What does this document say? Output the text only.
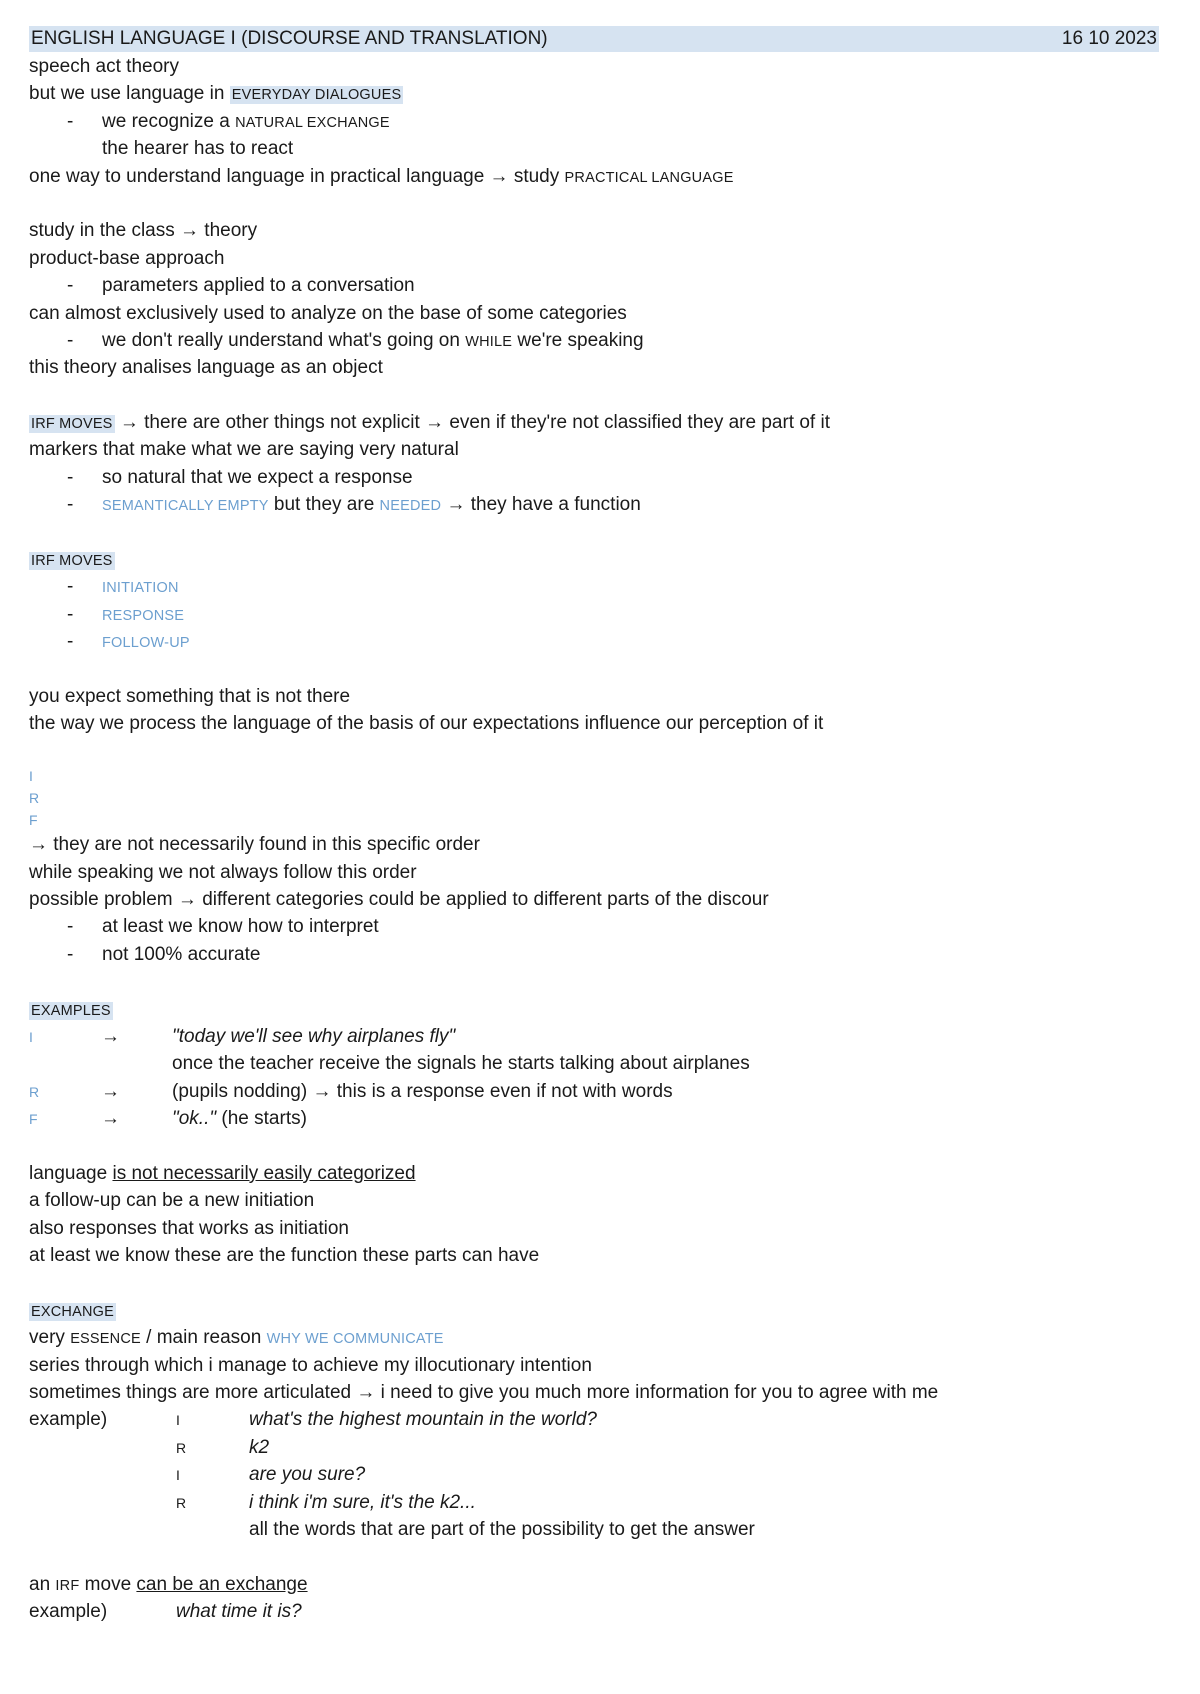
ENGLISH LANGUAGE I (DISCOURSE AND TRANSLATION)	16 10 2023
speech act theory
but we use language in EVERYDAY DIALOGUES
- we recognize a NATURAL EXCHANGE
the hearer has to react
one way to understand language in practical language → study PRACTICAL LANGUAGE
study in the class → theory
product-base approach
- parameters applied to a conversation
can almost exclusively used to analyze on the base of some categories
- we don't really understand what's going on WHILE we're speaking
this theory analises language as an object
IRF MOVES → there are other things not explicit → even if they're not classified they are part of it
markers that make what we are saying very natural
- so natural that we expect a response
- SEMANTICALLY EMPTY but they are NEEDED → they have a function
IRF MOVES
- INITIATION
- RESPONSE
- FOLLOW-UP
you expect something that is not there
the way we process the language of the basis of our expectations influence our perception of it
I
R
F
→ they are not necessarily found in this specific order
while speaking we not always follow this order
possible problem → different categories could be applied to different parts of the discour
- at least we know how to interpret
- not 100% accurate
EXAMPLES
I	→	"today we'll see why airplanes fly"
once the teacher receive the signals he starts talking about airplanes
R	→	(pupils nodding) → this is a response even if not with words
F	→	"ok.." (he starts)
language is not necessarily easily categorized
a follow-up can be a new initiation
also responses that works as initiation
at least we know these are the function these parts can have
EXCHANGE
very ESSENCE / main reason WHY WE COMMUNICATE
series through which i manage to achieve my illocutionary intention
sometimes things are more articulated → i need to give you much more information for you to agree with me
example)	I	what's the highest mountain in the world?
R	k2
I	are you sure?
R	i think i'm sure, it's the k2...
all the words that are part of the possibility to get the answer
an IRF move can be an exchange
example)	what time it is?
